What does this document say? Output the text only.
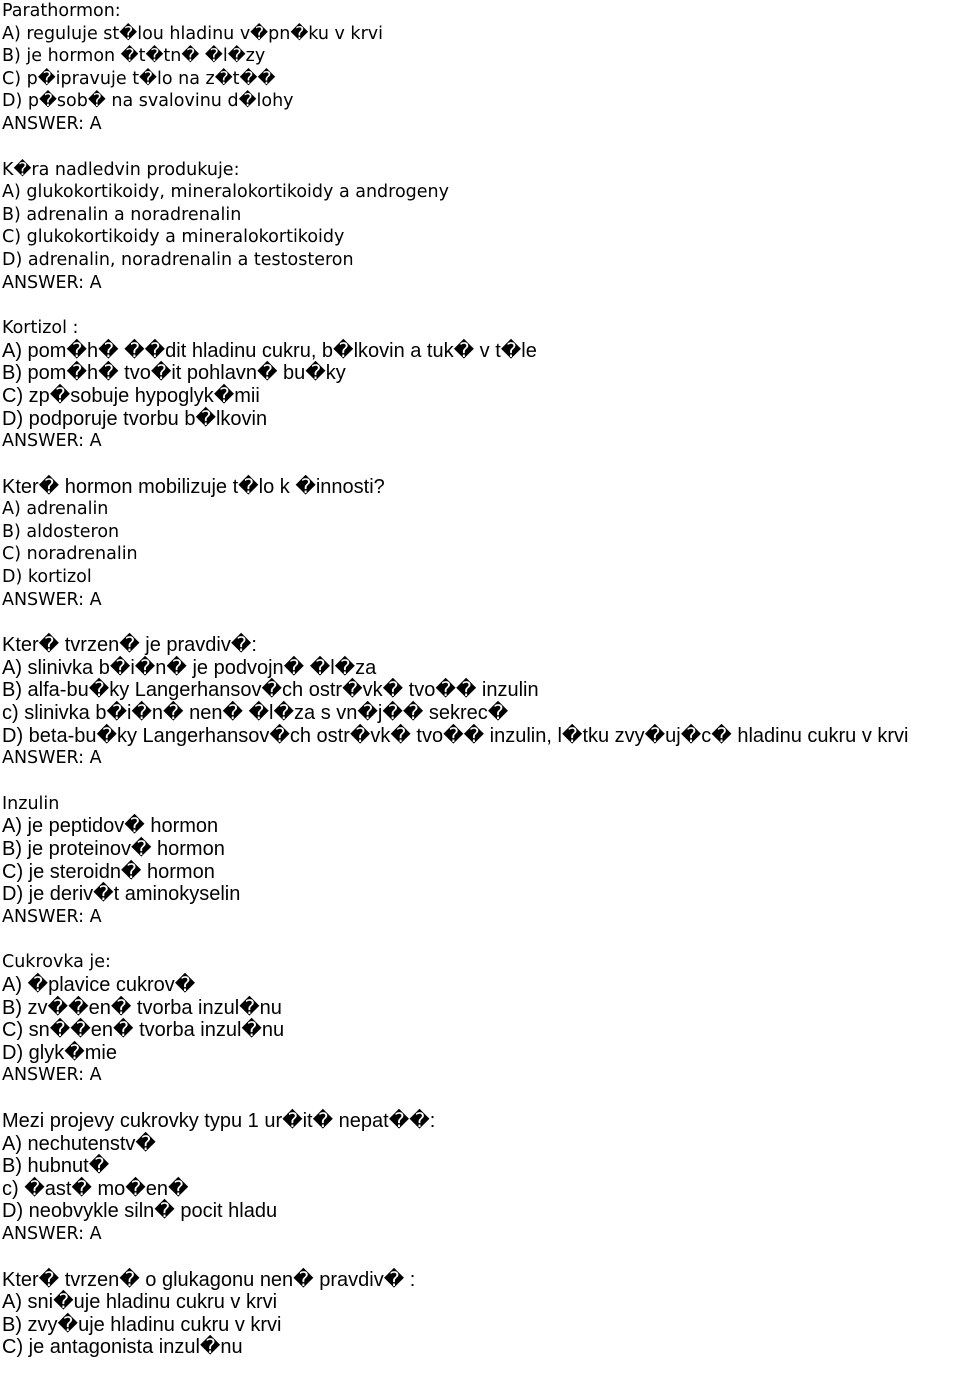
Parathormon:
A) reguluje st�lou hladinu v�pn�ku v krvi
B) je hormon �t�tn� �l�zy
C) p�ipravuje t�lo na z�t��
D) p�sob� na svalovinu d�lohy
ANSWER: A
K�ra nadledvin produkuje:
A) glukokortikoidy, mineralokortikoidy a androgeny
B) adrenalin a noradrenalin
C) glukokortikoidy a mineralokortikoidy
D) adrenalin, noradrenalin a testosteron
ANSWER: A
Kortizol :
A) pom�h� ��dit hladinu cukru, b�lkovin a tuk� v t�le
B) pom�h� tvo�it pohlavn� bu�ky
C) zp�sobuje hypoglyk�mii
D) podporuje tvorbu b�lkovin
ANSWER: A
Kter� hormon mobilizuje t�lo k �innosti?
A) adrenalin
B) aldosteron
C) noradrenalin
D) kortizol
ANSWER: A
Kter� tvrzen� je pravdiv�:
A) slinivka b�i�n� je podvojn� �l�za
B) alfa-bu�ky Langerhansov�ch ostr�vk� tvo�� inzulin
c) slinivka b�i�n� nen� �l�za s vn�j�� sekrec�
D) beta-bu�ky Langerhansov�ch ostr�vk� tvo�� inzulin, l�tku zvy�uj�c� hladinu cukru v krvi
ANSWER: A
Inzulin
A) je peptidov� hormon
B) je proteinov� hormon
C) je steroidn� hormon
D) je deriv�t aminokyselin
ANSWER: A
Cukrovka je:
A) �plavice cukrov�
B) zv��en� tvorba inzul�nu
C) sn��en� tvorba inzul�nu
D) glyk�mie
ANSWER: A
Mezi projevy cukrovky typu 1 ur�it� nepat��:
A) nechutenstv�
B) hubnut�
c) �ast� mo�en�
D) neobvykle siln� pocit hladu
ANSWER: A
Kter� tvrzen� o glukagonu nen� pravdiv� :
A) sni�uje hladinu cukru v krvi
B) zvy�uje hladinu cukru v krvi
C) je antagonista inzul�nu
